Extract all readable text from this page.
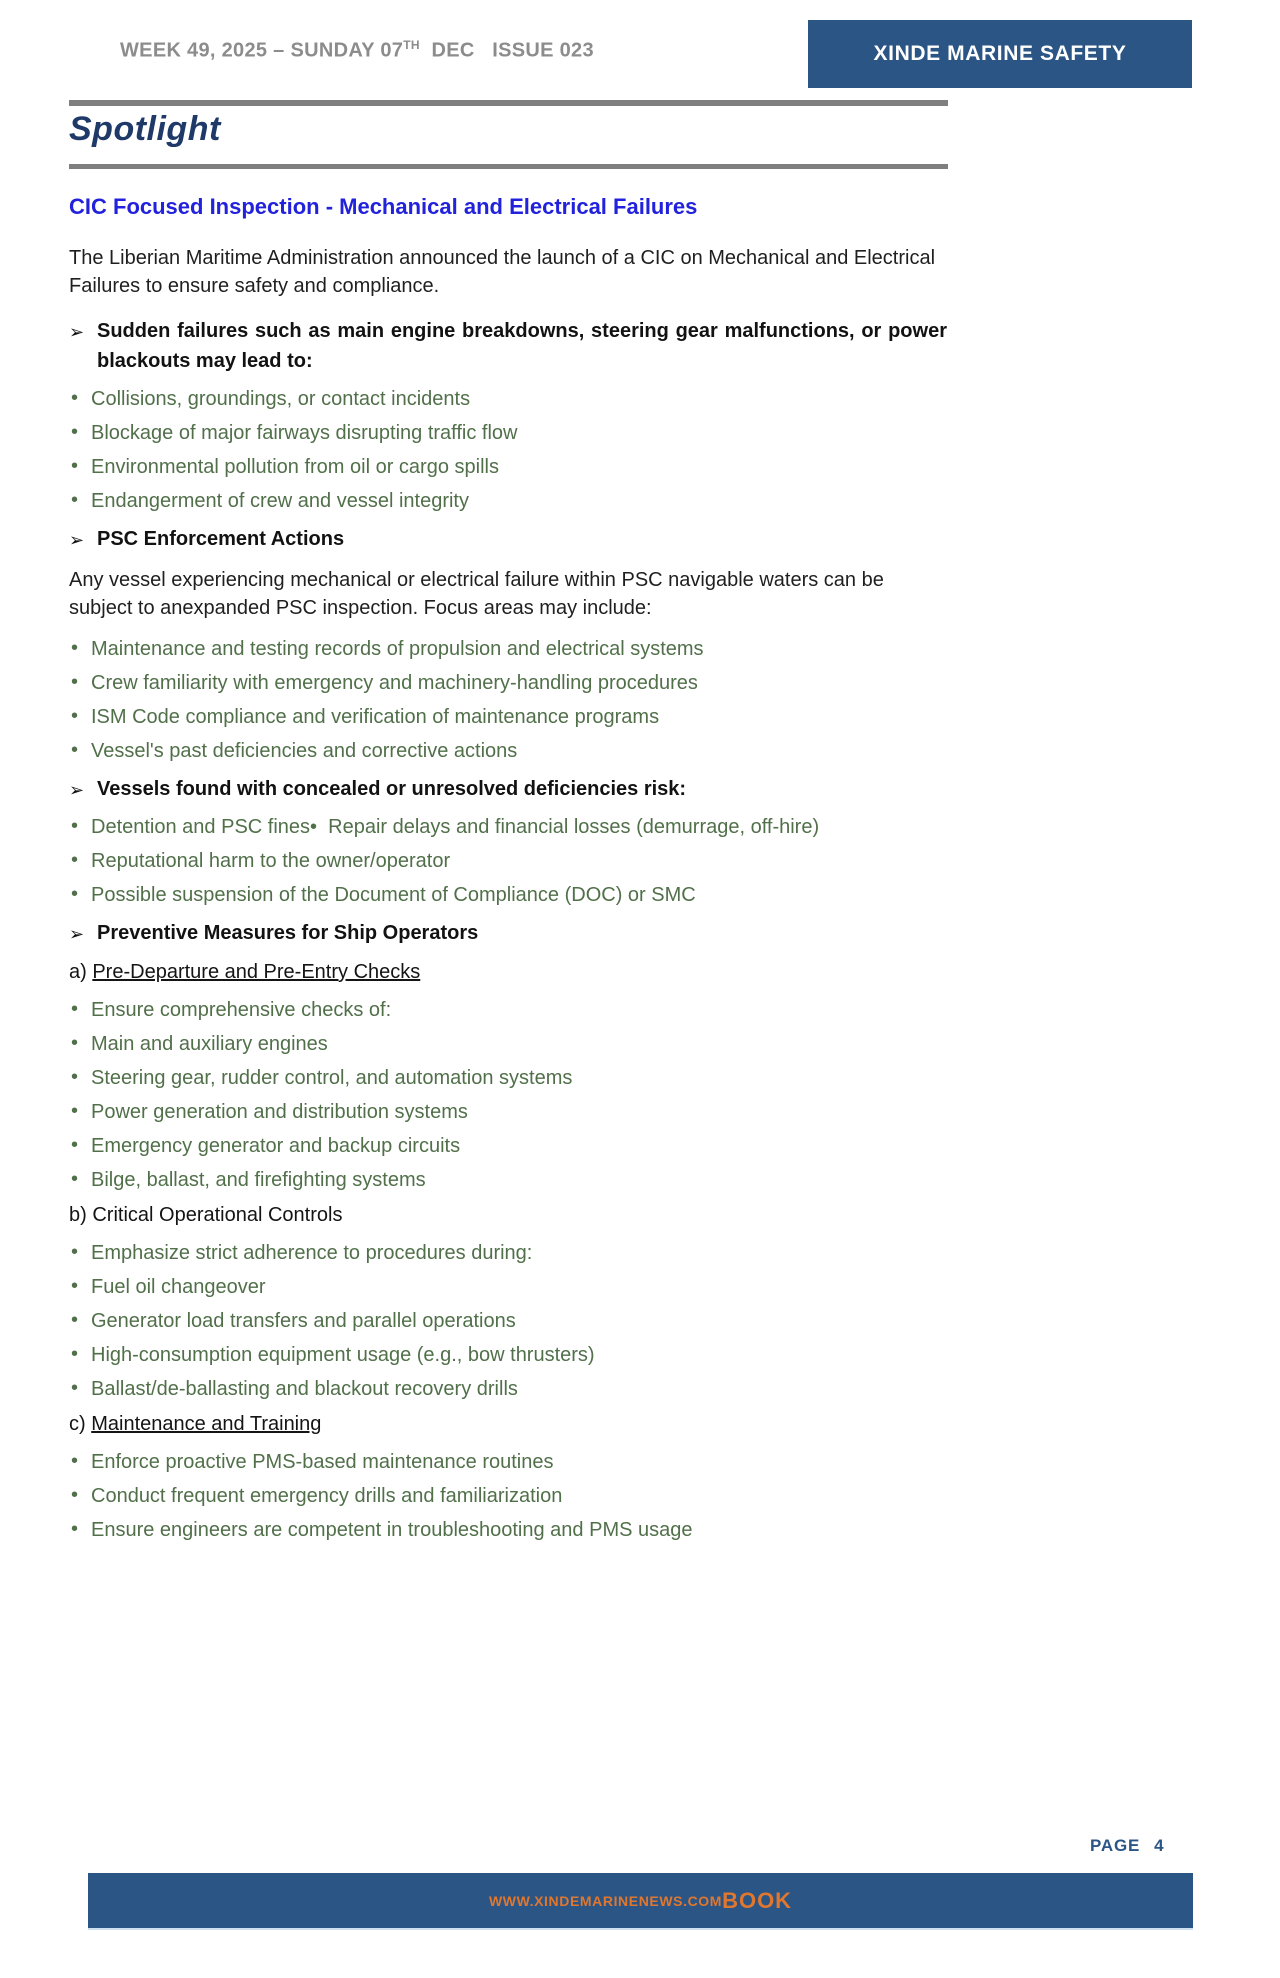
WEEK 49, 2025 – SUNDAY 07TH  DEC   ISSUE 023	XINDE MARINE SAFETY
Spotlight
CIC Focused Inspection - Mechanical and Electrical Failures
The Liberian Maritime Administration announced the launch of a CIC on Mechanical and Electrical Failures to ensure safety and compliance.
➢ Sudden failures such as main engine breakdowns, steering gear malfunctions, or power blackouts may lead to:
• Collisions, groundings, or contact incidents
• Blockage of major fairways disrupting traffic flow
• Environmental pollution from oil or cargo spills
• Endangerment of crew and vessel integrity
➢ PSC Enforcement Actions
Any vessel experiencing mechanical or electrical failure within PSC navigable waters can be subject to anexpanded PSC inspection. Focus areas may include:
• Maintenance and testing records of propulsion and electrical systems
• Crew familiarity with emergency and machinery-handling procedures
• ISM Code compliance and verification of maintenance programs
• Vessel's past deficiencies and corrective actions
➢ Vessels found with concealed or unresolved deficiencies risk:
• Detention and PSC fines•  Repair delays and financial losses (demurrage, off-hire)
• Reputational harm to the owner/operator
• Possible suspension of the Document of Compliance (DOC) or SMC
➢ Preventive Measures for Ship Operators
a) Pre-Departure and Pre-Entry Checks
• Ensure comprehensive checks of:
• Main and auxiliary engines
• Steering gear, rudder control, and automation systems
• Power generation and distribution systems
• Emergency generator and backup circuits
• Bilge, ballast, and firefighting systems
b) Critical Operational Controls
• Emphasize strict adherence to procedures during:
• Fuel oil changeover
• Generator load transfers and parallel operations
• High-consumption equipment usage (e.g., bow thrusters)
• Ballast/de-ballasting and blackout recovery drills
c) Maintenance and Training
• Enforce proactive PMS-based maintenance routines
• Conduct frequent emergency drills and familiarization
• Ensure engineers are competent in troubleshooting and PMS usage
PAGE 4
WWW.XINDEMARINENEWS.COM BOOK
